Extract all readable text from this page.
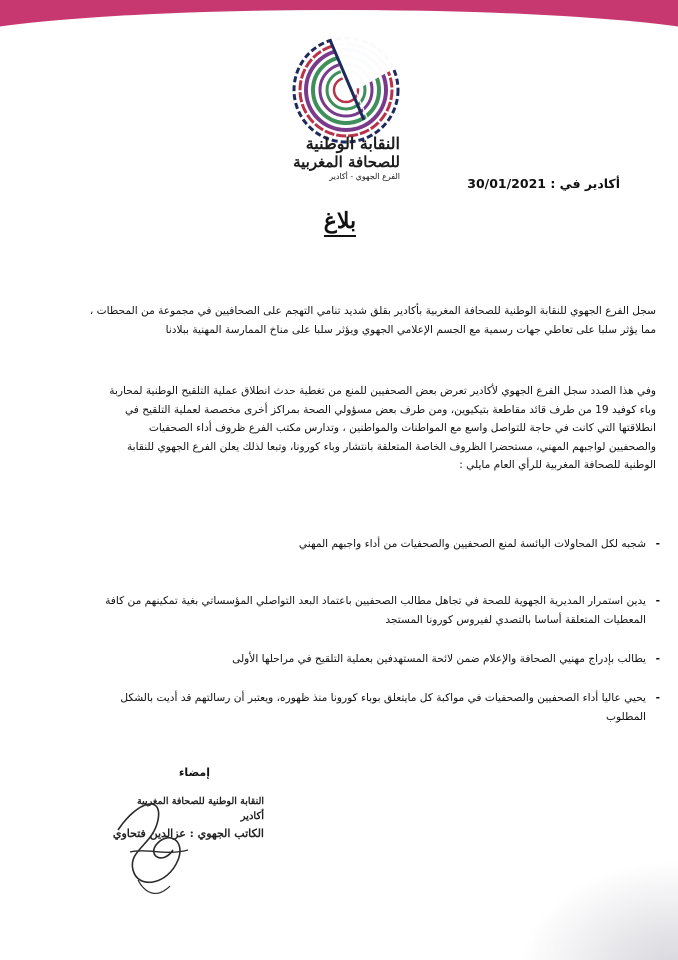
النقابة الوطنية
للصحافة المغربية
الفرع الجهوي - أكادير	أكادير في : 30/01/2021
بلاغ
سجل الفرع الجهوي للنقابة الوطنية للصحافة المغربية بأكادير بقلق شديد تنامي التهجم على الصحافيين في مجموعة من المحطات ،
مما يؤثر سلبا على تعاطي جهات رسمية مع الجسم الإعلامي الجهوي ويؤثر سلبا على مناخ الممارسة المهنية ببلادنا
وفي هذا الصدد سجل الفرع الجهوي لأكادير تعرض بعض الصحفيين للمنع من تغطية حدث انطلاق عملية التلقيح الوطنية لمحاربة
وباء كوفيد 19 من طرف قائد مقاطعة بتيكيوين، ومن طرف بعض مسؤولي الصحة بمراكز أخرى مخصصة لعملية التلقيح في
انطلاقتها التي كانت في حاجة للتواصل واسع مع المواطنات والمواطنين ، وتدارس مكتب الفرع ظروف أداء الصحفيات
والصحفيين لواجبهم المهني، مستحضرا الظروف الخاصة المتعلقة بانتشار وباء كورونا، وتبعا لذلك يعلن الفرع الجهوي للنقابة
الوطنية للصحافة المغربية للرأي العام مايلي :
-شجبه لكل المحاولات اليائسة لمنع الصحفيين والصحفيات من أداء واجبهم المهني
-يدين استمرار المديرية الجهوية للصحة في تجاهل مطالب الصحفيين باعتماد البعد التواصلي المؤسساتي بغية تمكينهم من كافة
المعطيات المتعلقة أساسا بالتصدي لفيروس كورونا المستجد
-يطالب بإدراج مهنيي الصحافة والإعلام ضمن لائحة المستهدفين بعملية التلقيح في مراحلها الأولى
-يحيي عاليا أداء الصحفيين والصحفيات في مواكبة كل مايتعلق بوباء كورونا منذ ظهوره، ويعتبر أن رسالتهم قد أديت بالشكل
المطلوب
إمضاء
النقابة الوطنية للصحافة المغربية
أكادير
الكاتب الجهوي : عزالدين فتحاوي
